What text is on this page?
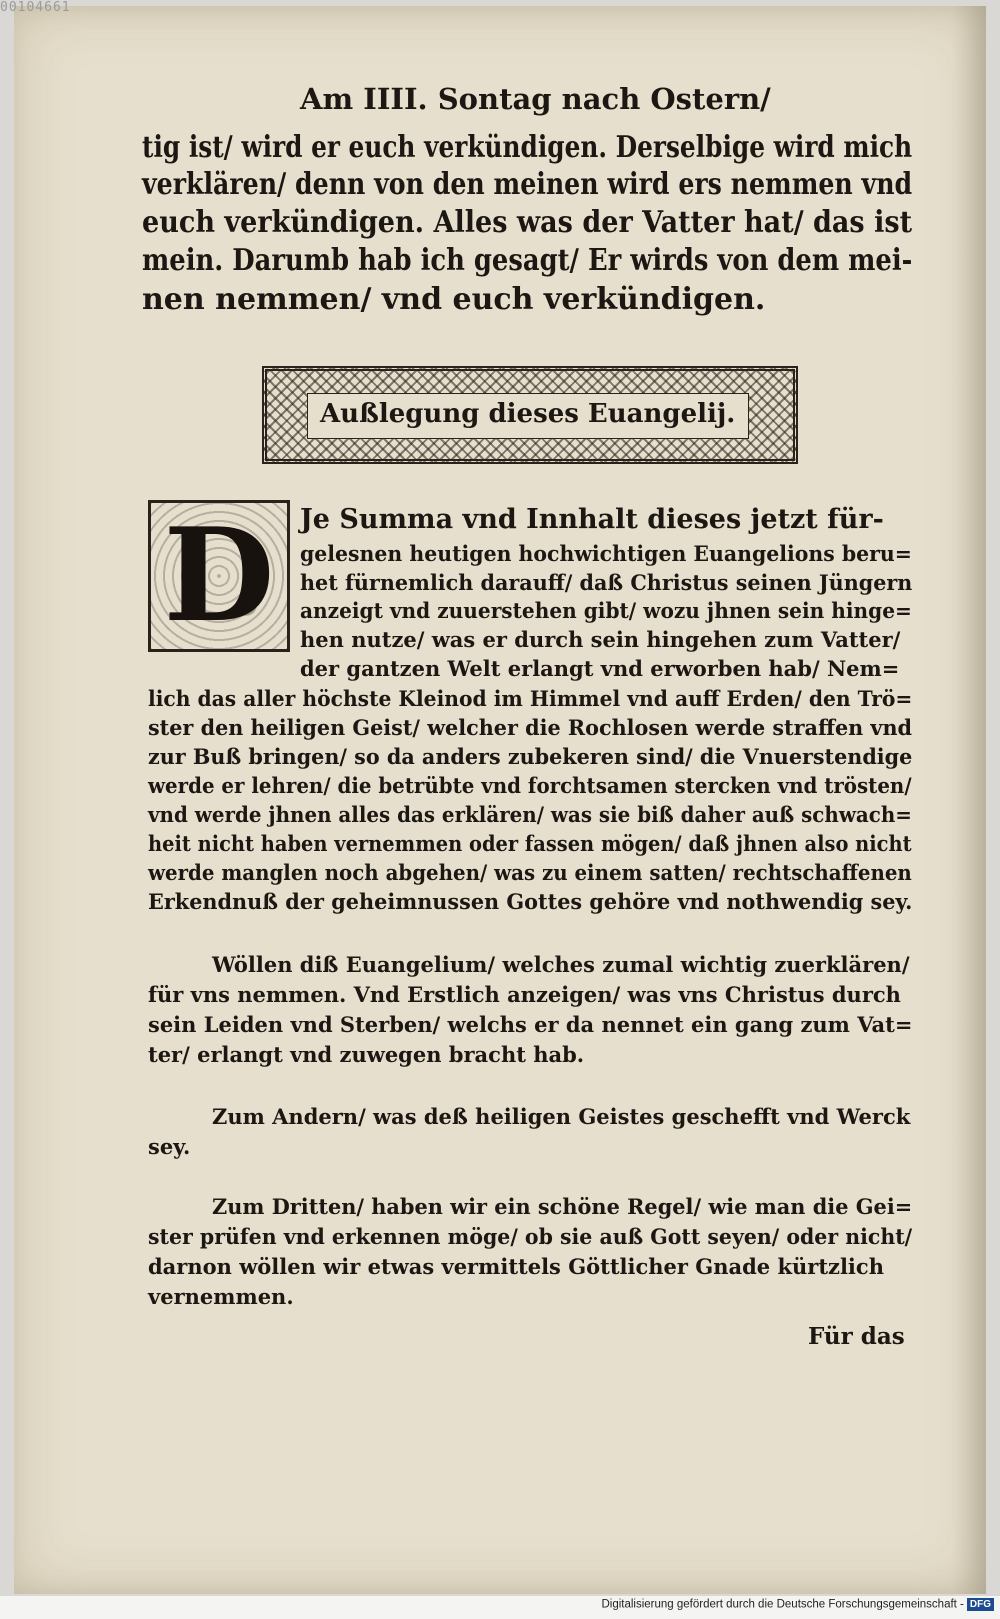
00104661

Am IIII. Sontag nach Ostern/

tig ist/ wird er euch verkündigen. Derselbige wird mich

verklären/ denn von den meinen wird ers nemmen vnd

euch verkündigen. Alles was der Vatter hat/ das ist

mein. Darumb hab ich gesagt/ Er wirds von dem mei-

nen nemmen/ vnd euch verkündigen.

Außlegung dieses Euangelij.

D Je Summa vnd Innhalt dieses jetzt für-

gelesnen heutigen hochwichtigen Euangelions beru=

het fürnemlich darauff/ daß Christus seinen Jüngern

anzeigt vnd zuuerstehen gibt/ wozu jhnen sein hinge=

hen nutze/ was er durch sein hingehen zum Vatter/

der gantzen Welt erlangt vnd erworben hab/ Nem=

lich das aller höchste Kleinod im Himmel vnd auff Erden/ den Trö=

ster den heiligen Geist/ welcher die Rochlosen werde straffen vnd

zur Buß bringen/ so da anders zubekeren sind/ die Vnuerstendige

werde er lehren/ die betrübte vnd forchtsamen stercken vnd trösten/

vnd werde jhnen alles das erklären/ was sie biß daher auß schwach=

heit nicht haben vernemmen oder fassen mögen/ daß jhnen also nicht

werde manglen noch abgehen/ was zu einem satten/ rechtschaffenen

Erkendnuß der geheimnussen Gottes gehöre vnd nothwendig sey.

Wöllen diß Euangelium/ welches zumal wichtig zuerklären/

für vns nemmen. Vnd Erstlich anzeigen/ was vns Christus durch

sein Leiden vnd Sterben/ welchs er da nennet ein gang zum Vat=

ter/ erlangt vnd zuwegen bracht hab.

Zum Andern/ was deß heiligen Geistes geschefft vnd Werck

sey.

Zum Dritten/ haben wir ein schöne Regel/ wie man die Gei=

ster prüfen vnd erkennen möge/ ob sie auß Gott seyen/ oder nicht/

darnon wöllen wir etwas vermittels Göttlicher Gnade kürtzlich

vernemmen.

Für das

Digitalisierung gefördert durch die Deutsche Forschungsgemeinschaft - DFG
